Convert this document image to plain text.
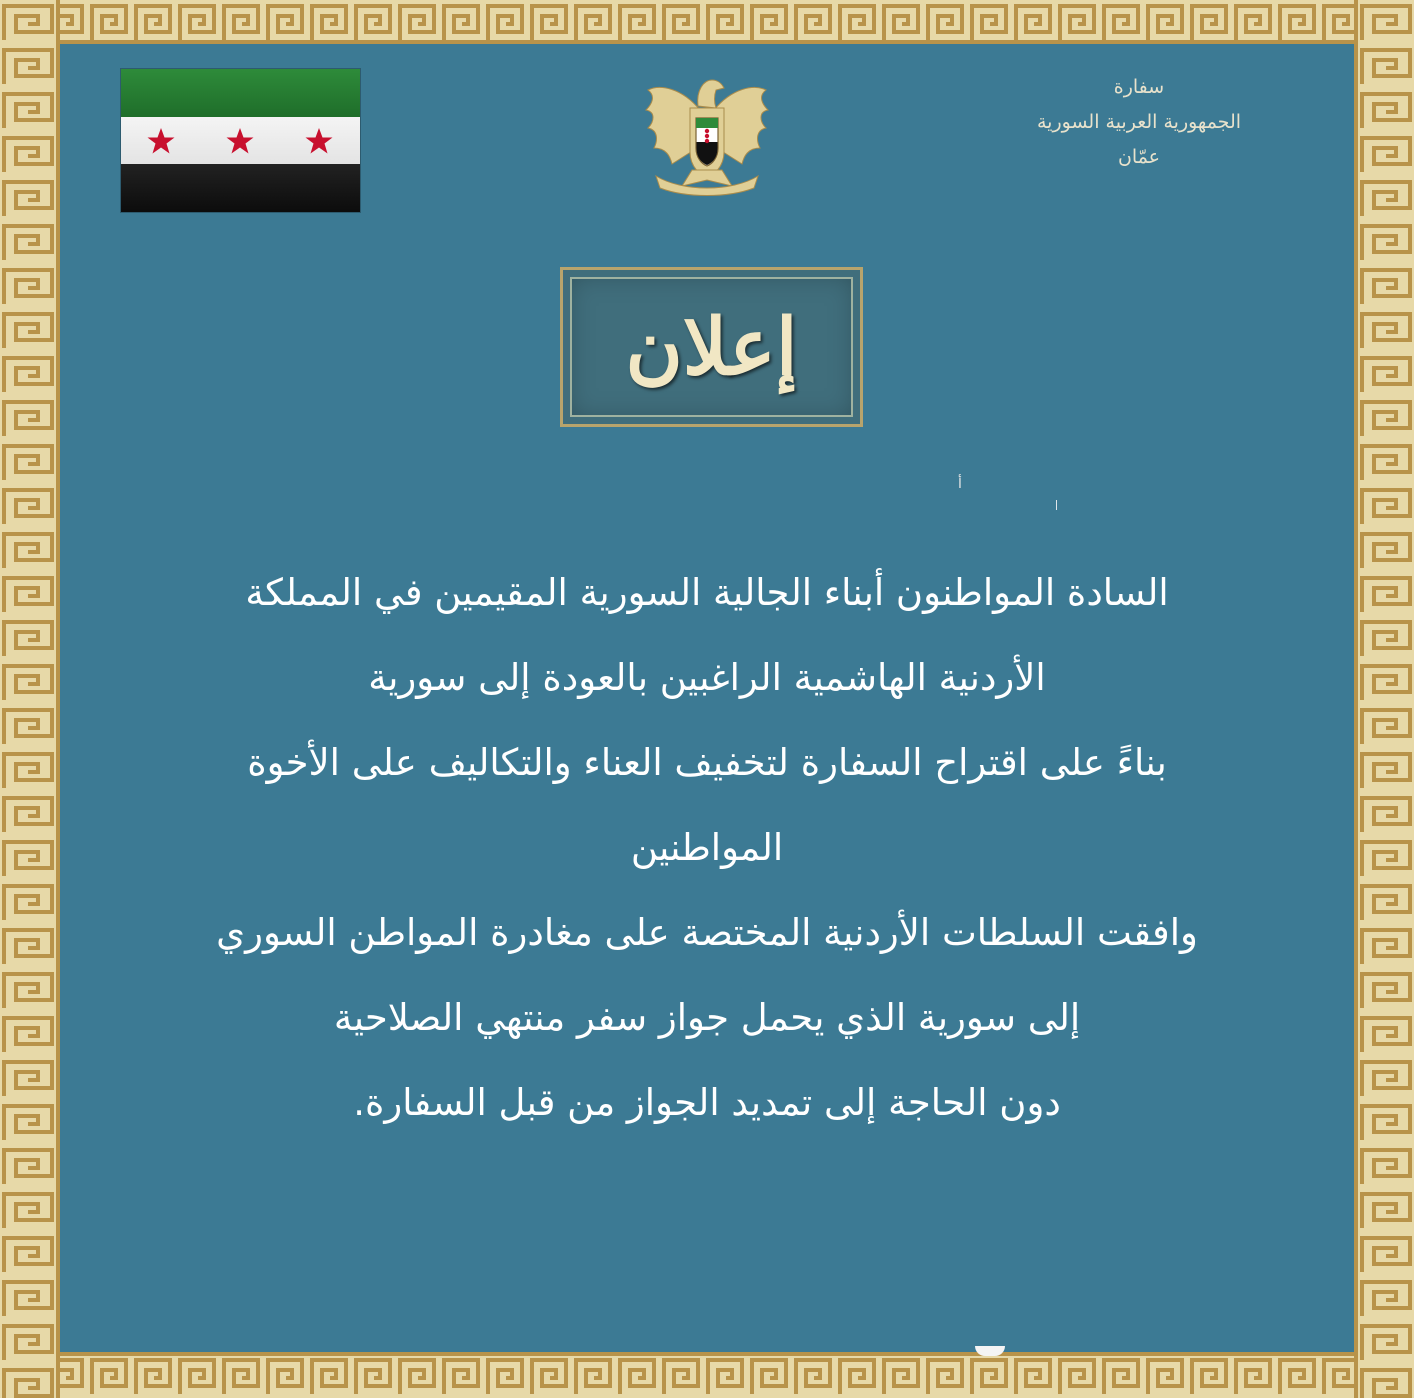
سفارة
الجمهورية العربية السورية
عمّان
إعلان
أ
السادة المواطنون أبناء الجالية السورية المقيمين في المملكة
الأردنية الهاشمية الراغبين بالعودة إلى سورية
بناءً على اقتراح السفارة لتخفيف العناء والتكاليف على الأخوة
المواطنين
وافقت السلطات الأردنية المختصة على مغادرة المواطن السوري
إلى سورية الذي يحمل جواز سفر منتهي الصلاحية
دون الحاجة إلى تمديد الجواز من قبل السفارة.
